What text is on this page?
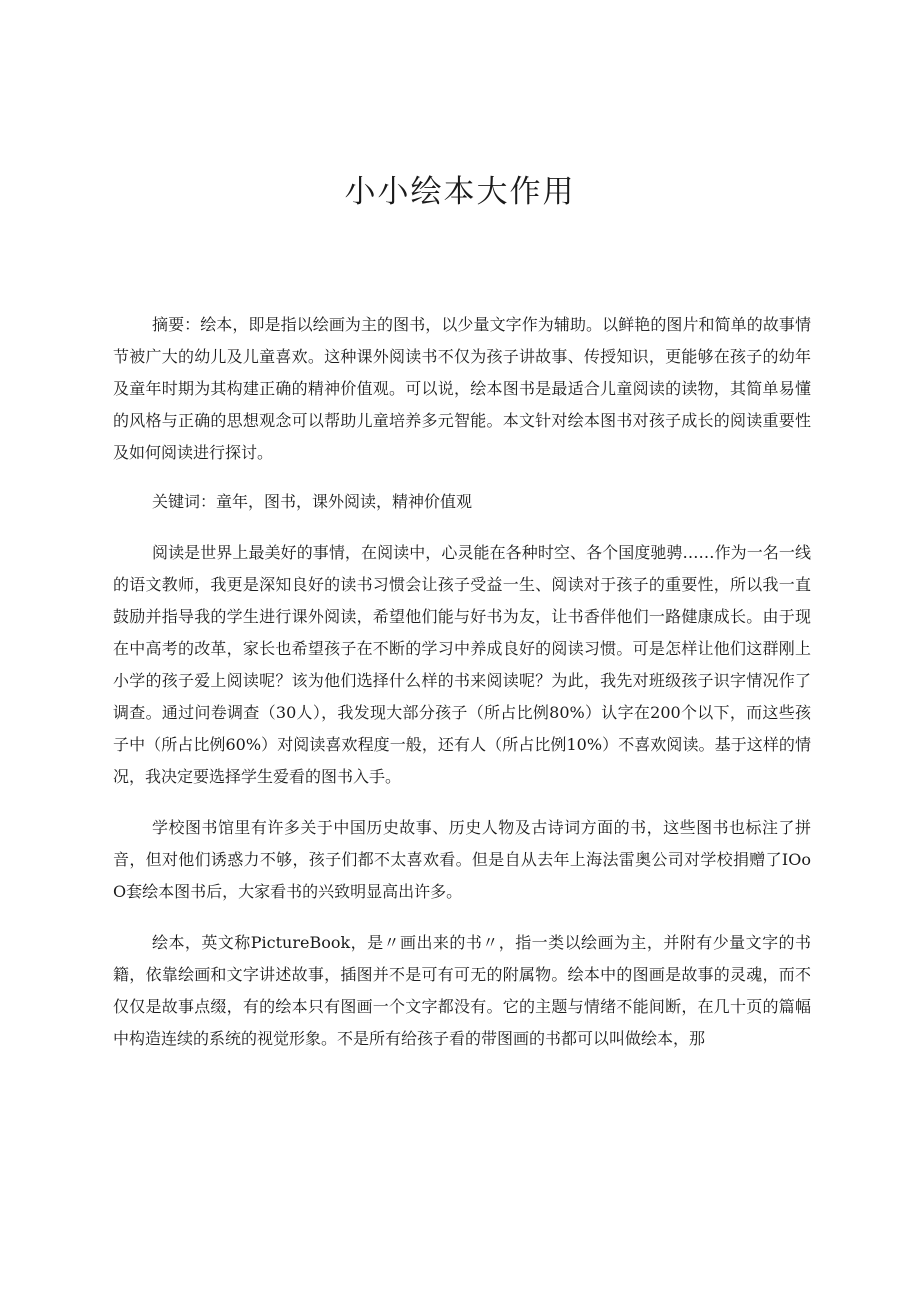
小小绘本大作用

摘要：绘本，即是指以绘画为主的图书，以少量文字作为辅助。以鲜艳的图片和简单的故事情节被广大的幼儿及儿童喜欢。这种课外阅读书不仅为孩子讲故事、传授知识，更能够在孩子的幼年及童年时期为其构建正确的精神价值观。可以说，绘本图书是最适合儿童阅读的读物，其简单易懂的风格与正确的思想观念可以帮助儿童培养多元智能。本文针对绘本图书对孩子成长的阅读重要性及如何阅读进行探讨。

关键词：童年，图书，课外阅读，精神价值观

阅读是世界上最美好的事情，在阅读中，心灵能在各种时空、各个国度驰骋……作为一名一线的语文教师，我更是深知良好的读书习惯会让孩子受益一生、阅读对于孩子的重要性，所以我一直鼓励并指导我的学生进行课外阅读，希望他们能与好书为友，让书香伴他们一路健康成长。由于现在中高考的改革，家长也希望孩子在不断的学习中养成良好的阅读习惯。可是怎样让他们这群刚上小学的孩子爱上阅读呢？该为他们选择什么样的书来阅读呢？为此，我先对班级孩子识字情况作了调查。通过问卷调查（30人），我发现大部分孩子（所占比例80%）认字在200个以下，而这些孩子中（所占比例60%）对阅读喜欢程度一般，还有人（所占比例10%）不喜欢阅读。基于这样的情况，我决定要选择学生爱看的图书入手。

学校图书馆里有许多关于中国历史故事、历史人物及古诗词方面的书，这些图书也标注了拼音，但对他们诱惑力不够，孩子们都不太喜欢看。但是自从去年上海法雷奥公司对学校捐赠了IOoO套绘本图书后，大家看书的兴致明显高出许多。

绘本，英文称PictureBook，是〃画出来的书〃，指一类以绘画为主，并附有少量文字的书籍，依靠绘画和文字讲述故事，插图并不是可有可无的附属物。绘本中的图画是故事的灵魂，而不仅仅是故事点缀，有的绘本只有图画一个文字都没有。它的主题与情绪不能间断，在几十页的篇幅中构造连续的系统的视觉形象。不是所有给孩子看的带图画的书都可以叫做绘本，那
